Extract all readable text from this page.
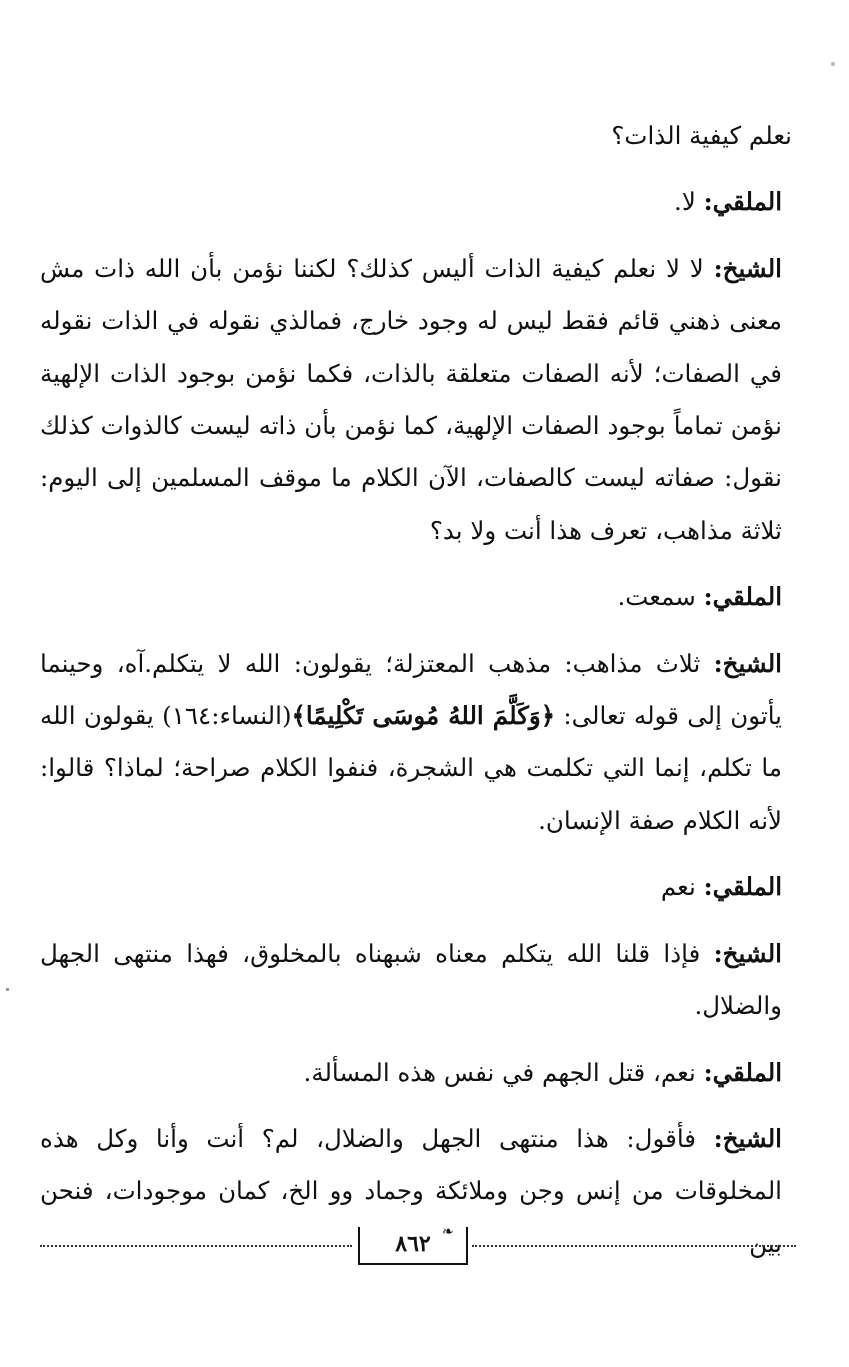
نعلم كيفية الذات؟

الملقي: لا.

الشيخ: لا لا نعلم كيفية الذات أليس كذلك؟ لكننا نؤمن بأن الله ذات مش معنى ذهني قائم فقط ليس له وجود خارج، فمالذي نقوله في الذات نقوله في الصفات؛ لأنه الصفات متعلقة بالذات، فكما نؤمن بوجود الذات الإلهية نؤمن تماماً بوجود الصفات الإلهية، كما نؤمن بأن ذاته ليست كالذوات كذلك نقول: صفاته ليست كالصفات، الآن الكلام ما موقف المسلمين إلى اليوم: ثلاثة مذاهب، تعرف هذا أنت ولا بد؟

الملقي: سمعت.

الشيخ: ثلاث مذاهب: مذهب المعتزلة؛ يقولون: الله لا يتكلم.آه، وحينما يأتون إلى قوله تعالى: ﴿وَكَلَّمَ اللهُ مُوسَى تَكْلِيمًا﴾(النساء:١٦٤) يقولون الله ما تكلم، إنما التي تكلمت هي الشجرة، فنفوا الكلام صراحة؛ لماذا؟ قالوا: لأنه الكلام صفة الإنسان.

الملقي: نعم

الشيخ: فإذا قلنا الله يتكلم معناه شبهناه بالمخلوق، فهذا منتهى الجهل والضلال.

الملقي: نعم، قتل الجهم في نفس هذه المسألة.

الشيخ: فأقول: هذا منتهى الجهل والضلال، لم؟ أنت وأنا وكل هذه المخلوقات من إنس وجن وملائكة وجماد وو الخ، كمان موجودات، فنحن بين

٨٦٢ ❧
